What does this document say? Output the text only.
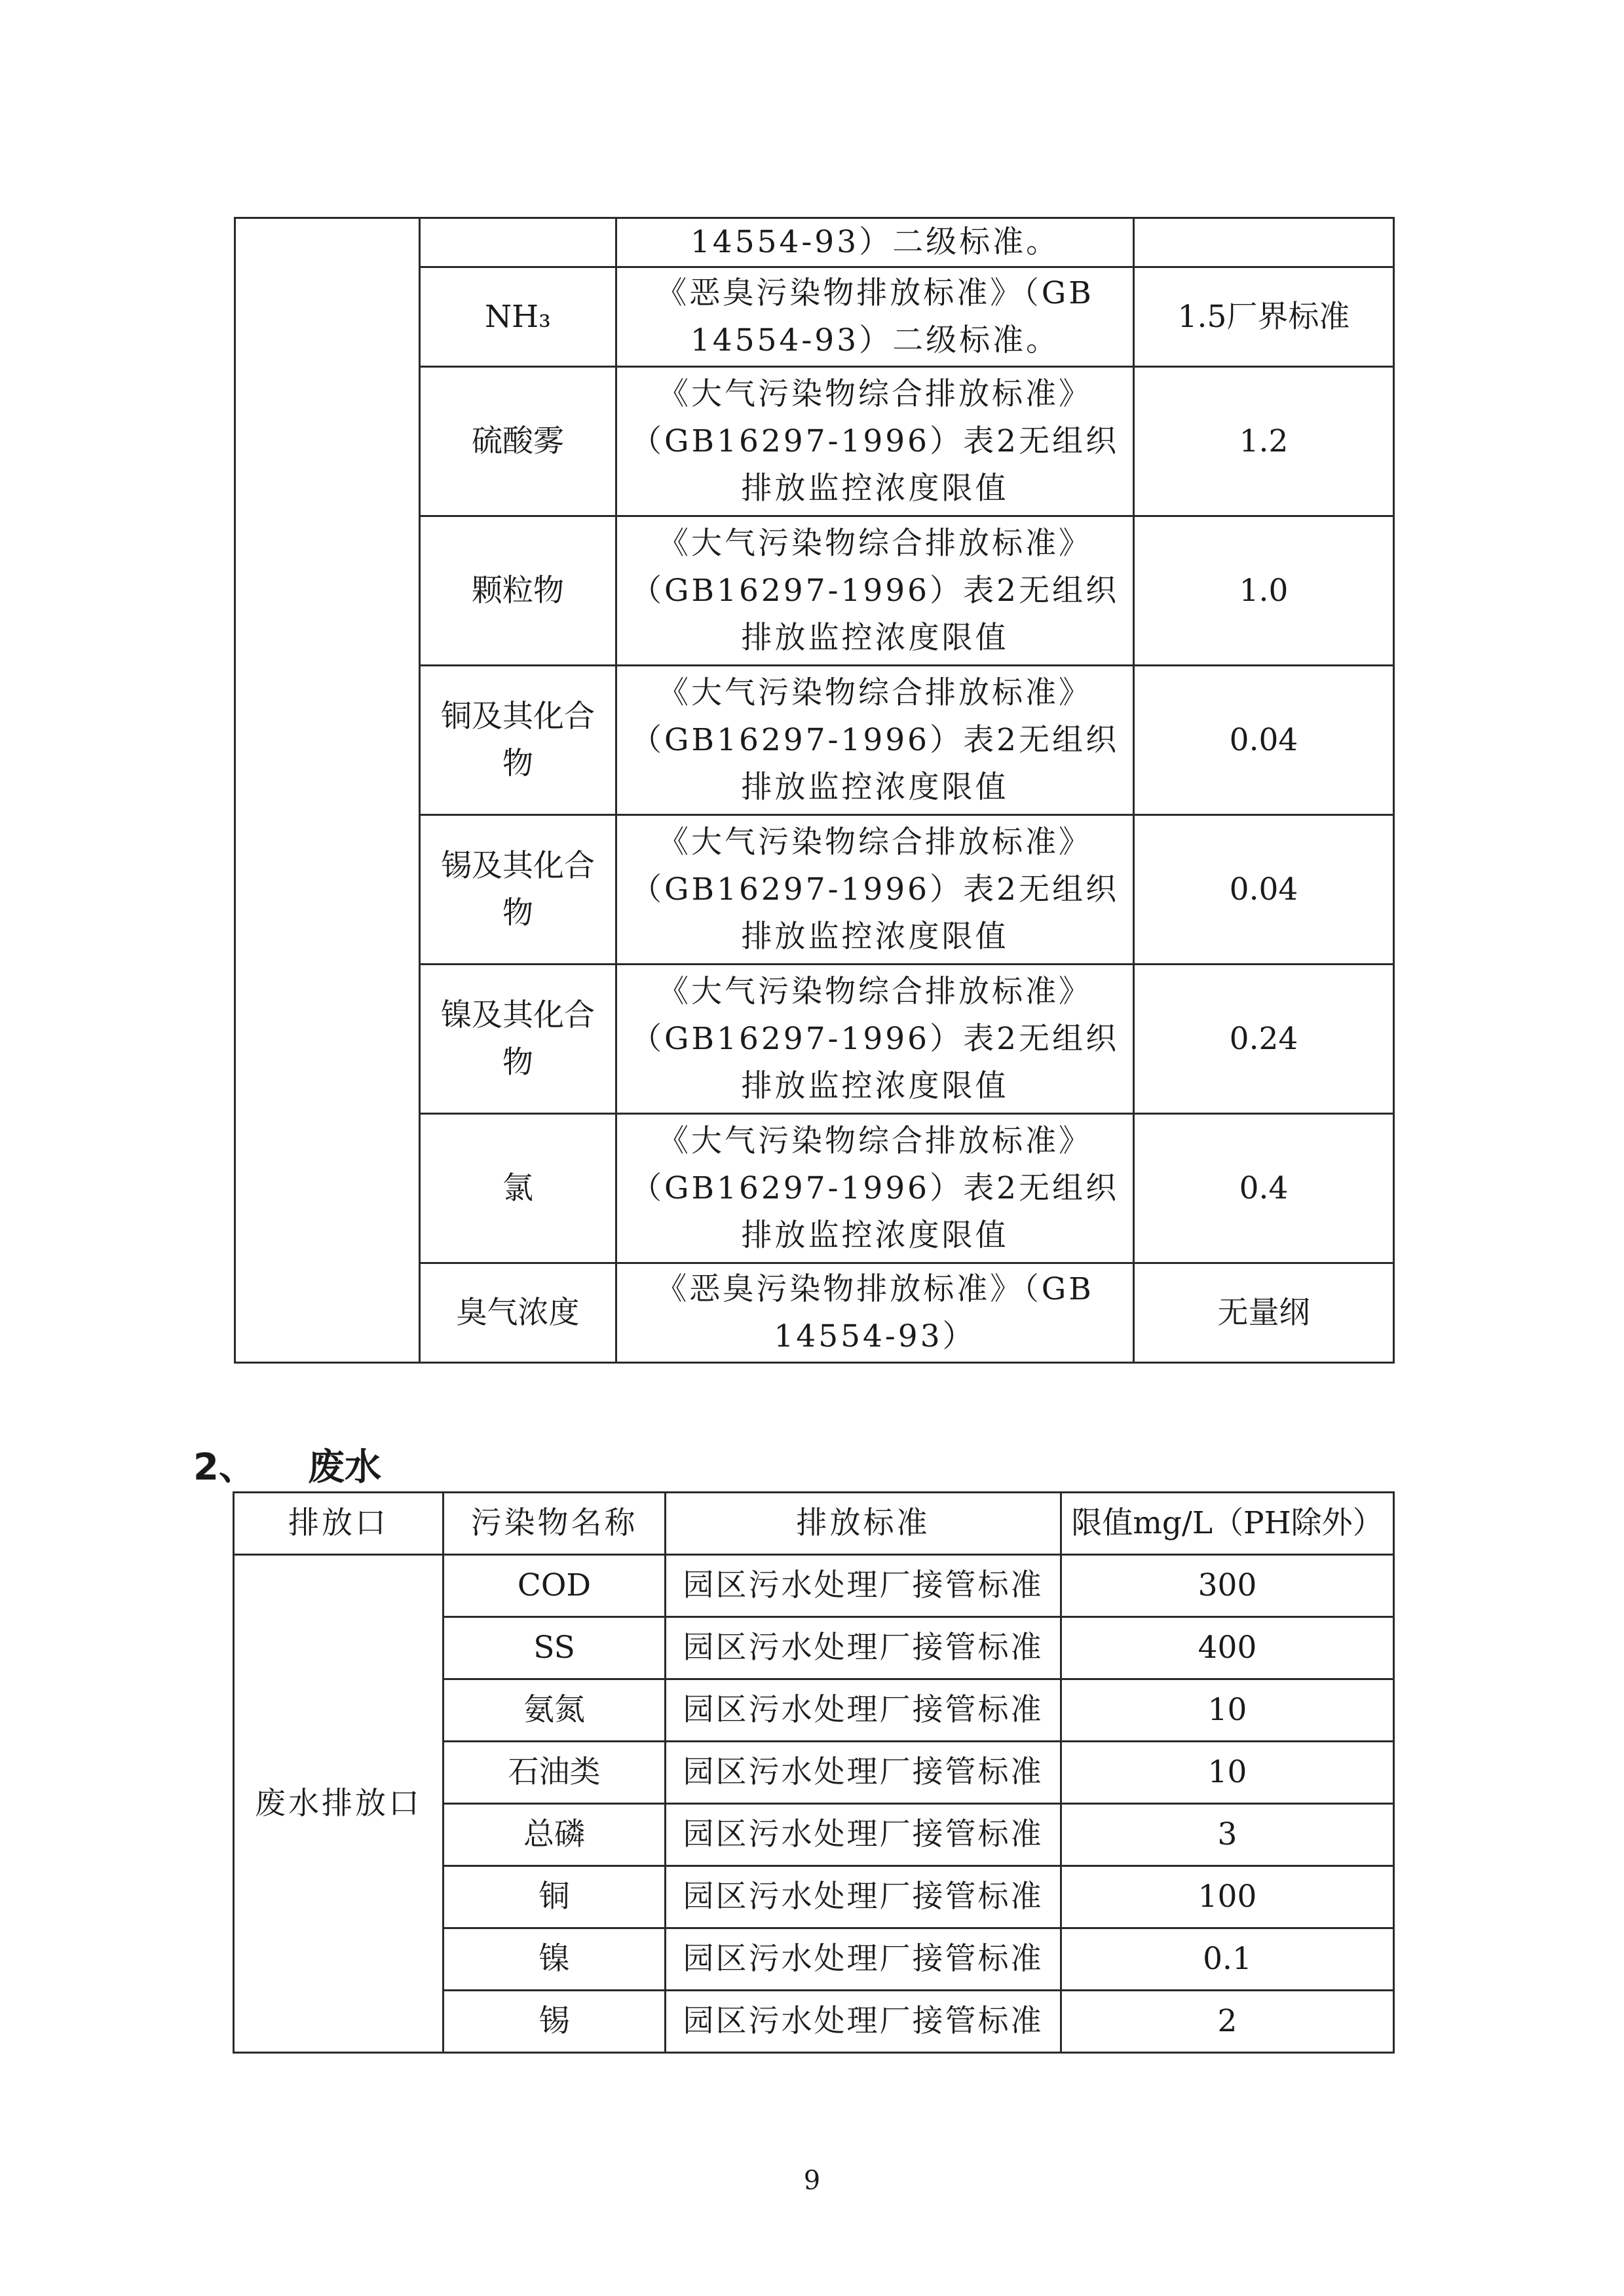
		14554-93）二级标准。	
	NH₃	《恶臭污染物排放标准》（GB 14554-93）二级标准。	1.5厂界标准
	硫酸雾	《大气污染物综合排放标准》（GB16297-1996）表2无组织排放监控浓度限值	1.2
	颗粒物	《大气污染物综合排放标准》（GB16297-1996）表2无组织排放监控浓度限值	1.0
	铜及其化合物	《大气污染物综合排放标准》（GB16297-1996）表2无组织排放监控浓度限值	0.04
	锡及其化合物	《大气污染物综合排放标准》（GB16297-1996）表2无组织排放监控浓度限值	0.04
	镍及其化合物	《大气污染物综合排放标准》（GB16297-1996）表2无组织排放监控浓度限值	0.24
	氯	《大气污染物综合排放标准》（GB16297-1996）表2无组织排放监控浓度限值	0.4
	臭气浓度	《恶臭污染物排放标准》（GB 14554-93）	无量纲
2、 废水
排放口	污染物名称	排放标准	限值mg/L（PH除外）
废水排放口	COD	园区污水处理厂接管标准	300
	SS	园区污水处理厂接管标准	400
	氨氮	园区污水处理厂接管标准	10
	石油类	园区污水处理厂接管标准	10
	总磷	园区污水处理厂接管标准	3
	铜	园区污水处理厂接管标准	100
	镍	园区污水处理厂接管标准	0.1
	锡	园区污水处理厂接管标准	2
9
